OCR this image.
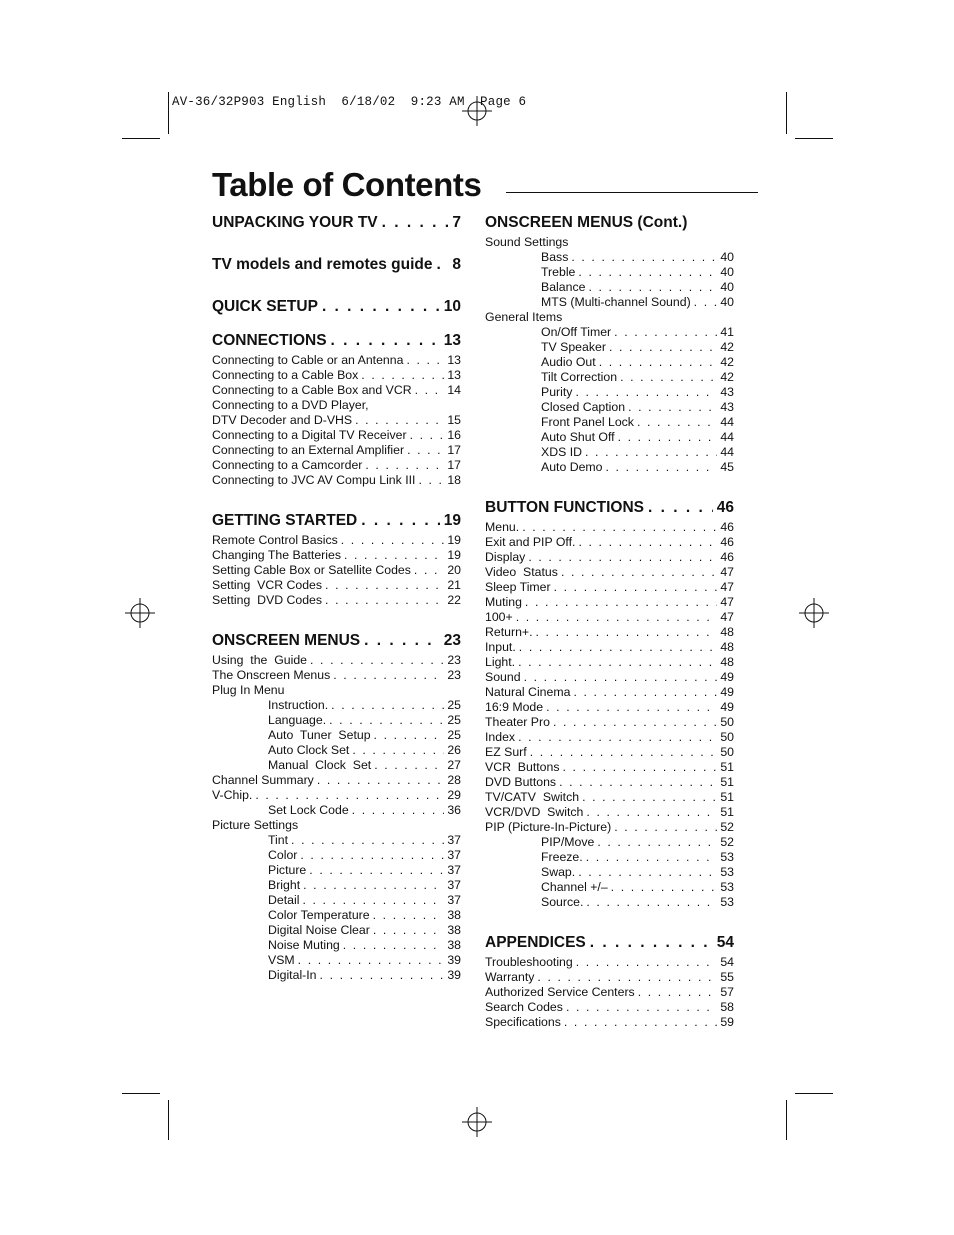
AV-36/32P903 English  6/18/02  9:23 AM  Page 6
Table of Contents
UNPACKING YOUR TV . . .	7
TV models and remotes guide . . . 8
QUICK SETUP . . .	10
CONNECTIONS . . .	13
Connecting to Cable or an Antenna . . .	13
Connecting to a Cable Box . . .	13
Connecting to a Cable Box and VCR . . .	14
Connecting to a DVD Player,
DTV Decoder and D-VHS . . .	15
Connecting to a Digital TV Receiver . . .	16
Connecting to an External Amplifier . . .	17
Connecting to a Camcorder . . .	17
Connecting to JVC AV Compu Link III . . .	18
GETTING STARTED . . .	19
Remote Control Basics . . .	19
Changing The Batteries . . .	19
Setting Cable Box or Satellite Codes . . .	20
Setting  VCR Codes . . .	21
Setting  DVD Codes . . .	22
ONSCREEN MENUS . . .	23
Using  the  Guide . . .	23
The Onscreen Menus . . .	23
Plug In Menu
Instruction. . . .	25
Language. . . .	25
Auto  Tuner  Setup . . .	25
Auto Clock Set . . .	26
Manual  Clock  Set . . .	27
Channel Summary . . .	28
V-Chip. . . .	29
Set Lock Code . . .	36
Picture Settings
Tint . . .	37
Color . . .	37
Picture . . .	37
Bright . . .	37
Detail . . .	37
Color Temperature . . .	38
Digital Noise Clear . . .	38
Noise Muting . . .	38
VSM . . .	39
Digital-In . . .	39
ONSCREEN MENUS (Cont.)
Sound Settings
Bass . . .	40
Treble . . .	40
Balance . . .	40
MTS (Multi-channel Sound) . . . 40
General Items
On/Off Timer . . .	41
TV Speaker . . .	42
Audio Out . . .	42
Tilt Correction . . .	42
Purity . . .	43
Closed Caption . . .	43
Front Panel Lock . . .	44
Auto Shut Off . . .	44
XDS ID . . .	44
Auto Demo . . .	45
BUTTON FUNCTIONS . . .	46
Menu. . . .	46
Exit and PIP Off. . . .	46
Display . . .	46
Video  Status . . .	47
Sleep Timer . . .	47
Muting . . .	47
100+ . . .	47
Return+. . . .	48
Input. . . .	48
Light. . . .	48
Sound . . .	49
Natural Cinema . . .	49
16:9 Mode . . .	49
Theater Pro . . .	50
Index . . .	50
EZ Surf . . .	50
VCR  Buttons . . .	51
DVD Buttons . . .	51
TV/CATV  Switch . . .	51
VCR/DVD  Switch . . .	51
PIP (Picture-In-Picture) . . .	52
PIP/Move . . .	52
Freeze. . . .	53
Swap. . . .	53
Channel +/– . . .	53
Source. . . .	53
APPENDICES . . .	54
Troubleshooting . . .	54
Warranty . . .	55
Authorized Service Centers . . .	57
Search Codes . . .	58
Specifications . . .	59
